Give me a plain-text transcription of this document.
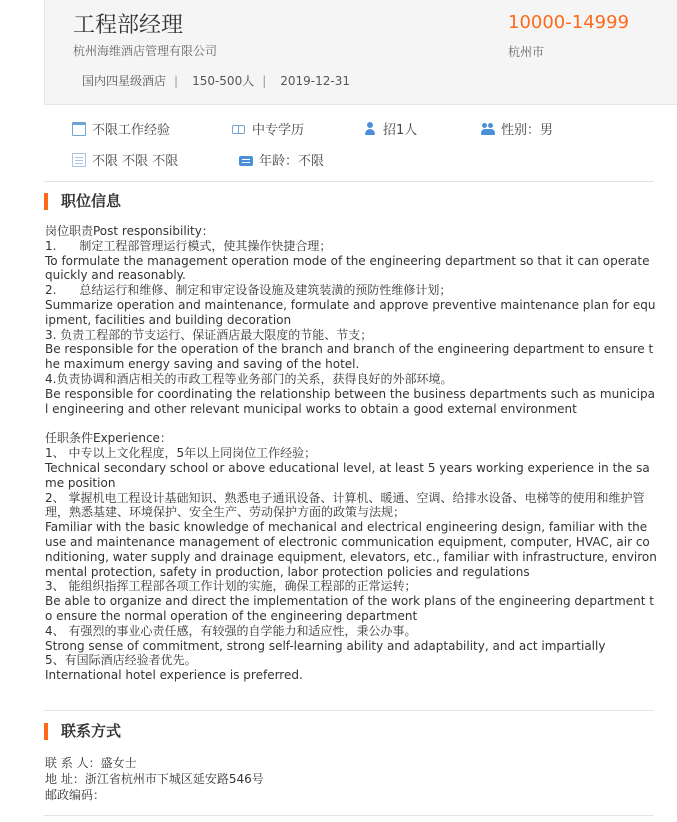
工程部经理
杭州海维酒店管理有限公司
国内四星级酒店 | 150-500人 | 2019-12-31
10000-14999
杭州市
不限工作经验	中专学历	招1人	性别：男
不限 不限 不限	年龄：不限
职位信息
岗位职责Post responsibility：
1.      制定工程部管理运行模式，使其操作快捷合理；
To formulate the management operation mode of the engineering department so that it can operate quickly and reasonably.
2.      总结运行和维修、制定和审定设备设施及建筑装潢的预防性维修计划；
Summarize operation and maintenance, formulate and approve preventive maintenance plan for equipment, facilities and building decoration
3. 负责工程部的节支运行、保证酒店最大限度的节能、节支；
Be responsible for the operation of the branch and branch of the engineering department to ensure the maximum energy saving and saving of the hotel.
4.负责协调和酒店相关的市政工程等业务部门的关系，获得良好的外部环境。
Be responsible for coordinating the relationship between the business departments such as municipal engineering and other relevant municipal works to obtain a good external environment
任职条件Experience：
1、 中专以上文化程度，5年以上同岗位工作经验；
Technical secondary school or above educational level, at least 5 years working experience in the same position
2、 掌握机电工程设计基础知识、熟悉电子通讯设备、计算机、暖通、空调、给排水设备、电梯等的使用和维护管理，熟悉基建、环境保护、安全生产、劳动保护方面的政策与法规；
Familiar with the basic knowledge of mechanical and electrical engineering design, familiar with the use and maintenance management of electronic communication equipment, computer, HVAC, air conditioning, water supply and drainage equipment, elevators, etc., familiar with infrastructure, environmental protection, safety in production, labor protection policies and regulations
3、 能组织指挥工程部各项工作计划的实施，确保工程部的正常运转；
Be able to organize and direct the implementation of the work plans of the engineering department to ensure the normal operation of the engineering department
4、 有强烈的事业心责任感，有较强的自学能力和适应性，秉公办事。
Strong sense of commitment, strong self-learning ability and adaptability, and act impartially
5、有国际酒店经验者优先。
International hotel experience is preferred.
联系方式
联 系 人：盛女士
地 址：浙江省杭州市下城区延安路546号
邮政编码：
